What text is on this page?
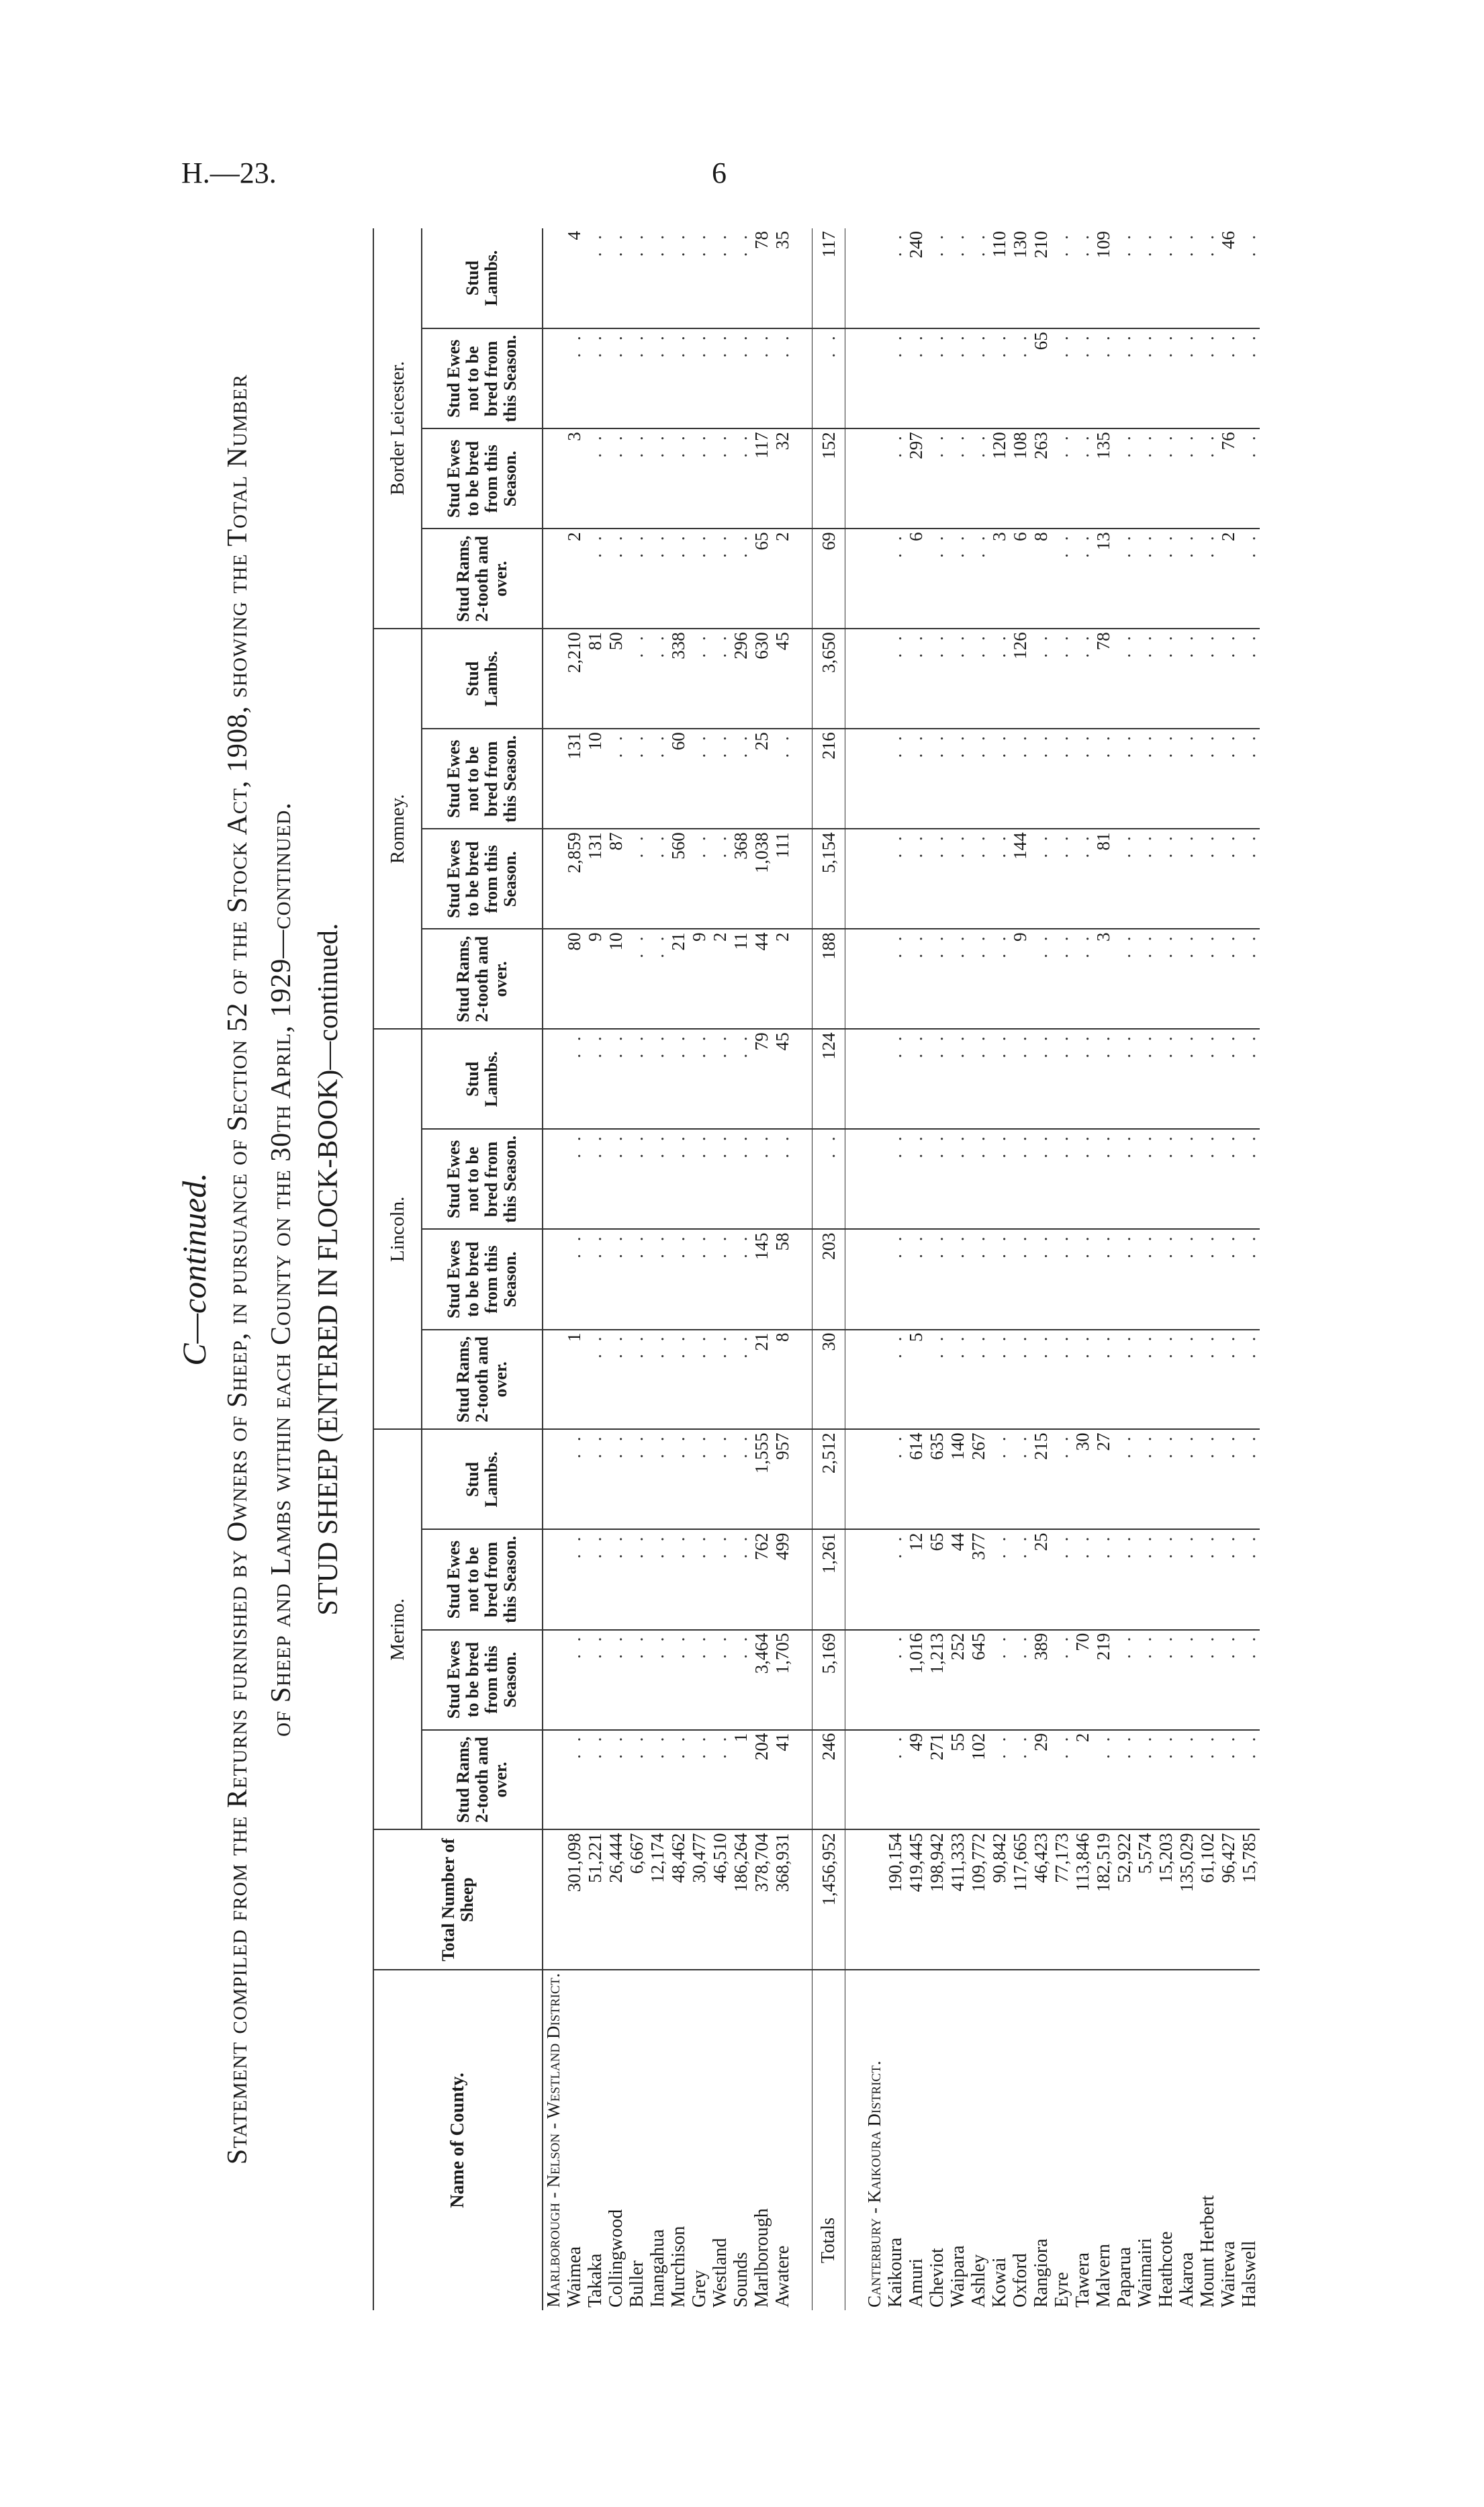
H.—23.	6
C—continued. Statement compiled from the Returns furnished by Owners of Sheep, in pursuance of Section 52 of the Stock Act, 1908, showing the Total Number of Sheep and Lambs within each County on the 30th April, 1929—continued. STUD SHEEP (ENTERED IN FLOCK-BOOK)—continued.
Name of County.	Total Number of Sheep	Merino.				Lincoln.				Romney.				Border Leicester.			
		Stud Rams, 2-tooth and over.	Stud Ewes to be bred from this Season.	Stud Ewes not to be bred from this Season.	Stud Lambs.	Stud Rams, 2-tooth and over.	Stud Ewes to be bred from this Season.	Stud Ewes not to be bred from this Season.	Stud Lambs.	Stud Rams, 2-tooth and over.	Stud Ewes to be bred from this Season.	Stud Ewes not to be bred from this Season.	Stud Lambs.	Stud Rams, 2-tooth and over.	Stud Ewes to be bred from this Season.	Stud Ewes not to be bred from this Season.	Stud Lambs.
Marlborough - Nelson - Westland District.																	
Waimea	301,098	. .	. .	. .	. .	1	. .	. .	. .	80	2,859	131	2,210	2	3	. .	4
Takaka	51,221	. .	. .	. .	. .	. .	. .	. .	. .	9	131	10	81	. .	. .	. .	. .
Collingwood	26,444	. .	. .	. .	. .	. .	. .	. .	. .	10	87	. .	50	. .	. .	. .	. .
Buller	6,667	. .	. .	. .	. .	. .	. .	. .	. .	. .	. .	. .	. .	. .	. .	. .	. .
Inangahua	12,174	. .	. .	. .	. .	. .	. .	. .	. .	. .	. .	. .	. .	. .	. .	. .	. .
Murchison	48,462	. .	. .	. .	. .	. .	. .	. .	. .	21	560	60	338	. .	. .	. .	. .
Grey	30,477	. .	. .	. .	. .	. .	. .	. .	. .	9	. .	. .	. .	. .	. .	. .	. .
Westland	46,510	. .	. .	. .	. .	. .	. .	. .	. .	2	. .	. .	. .	. .	. .	. .	. .
Sounds	186,264	1	. .	. .	. .	. .	. .	. .	. .	11	368	. .	296	. .	. .	. .	. .
Marlborough	378,704	204	3,464	762	1,555	21	145	. .	79	44	1,038	25	630	65	117	. .	78
Awatere	368,931	41	1,705	499	957	8	58	. .	45	2	111	. .	45	2	32	. .	35

Totals	1,456,952	246	5,169	1,261	2,512	30	203	. .	124	188	5,154	216	3,650	69	152	. .	117

Canterbury - Kaikoura District.																	
Kaikoura	190,154	. .	. .	. .	. .	. .	. .	. .	. .	. .	. .	. .	. .	. .	. .	. .	. .
Amuri	419,445	49	1,016	12	614	5	. .	. .	. .	. .	. .	. .	. .	6	297	. .	240
Cheviot	198,942	271	1,213	65	635	. .	. .	. .	. .	. .	. .	. .	. .	. .	. .	. .	. .
Waipara	411,333	55	252	44	140	. .	. .	. .	. .	. .	. .	. .	. .	. .	. .	. .	. .
Ashley	109,772	102	645	377	267	. .	. .	. .	. .	. .	. .	. .	. .	. .	. .	. .	. .
Kowai	90,842	. .	. .	. .	. .	. .	. .	. .	. .	. .	. .	. .	. .	3	120	. .	110
Oxford	117,665	. .	. .	. .	. .	. .	. .	. .	. .	9	144	. .	126	6	108	. .	130
Rangiora	46,423	29	389	25	215	. .	. .	. .	. .	. .	. .	. .	. .	8	263	65	210
Eyre	77,173	. .	. .	. .	. .	. .	. .	. .	. .	. .	. .	. .	. .	. .	. .	. .	. .
Tawera	113,846	2	70	. .	30	. .	. .	. .	. .	. .	. .	. .	. .	. .	. .	. .	. .
Malvern	182,519	. .	219	. .	27	. .	. .	. .	. .	3	81	. .	78	13	135	. .	109
Paparua	52,922	. .	. .	. .	. .	. .	. .	. .	. .	. .	. .	. .	. .	. .	. .	. .	. .
Waimairi	5,574	. .	. .	. .	. .	. .	. .	. .	. .	. .	. .	. .	. .	. .	. .	. .	. .
Heathcote	15,203	. .	. .	. .	. .	. .	. .	. .	. .	. .	. .	. .	. .	. .	. .	. .	. .
Akaroa	135,029	. .	. .	. .	. .	. .	. .	. .	. .	. .	. .	. .	. .	. .	. .	. .	. .
Mount Herbert	61,102	. .	. .	. .	. .	. .	. .	. .	. .	. .	. .	. .	. .	. .	. .	. .	. .
Wairewa	96,427	. .	. .	. .	. .	. .	. .	. .	. .	. .	. .	. .	. .	2	76	. .	46
Halswell	15,785	. .	. .	. .	. .	. .	. .	. .	. .	. .	. .	. .	. .	. .	. .	. .	. .
